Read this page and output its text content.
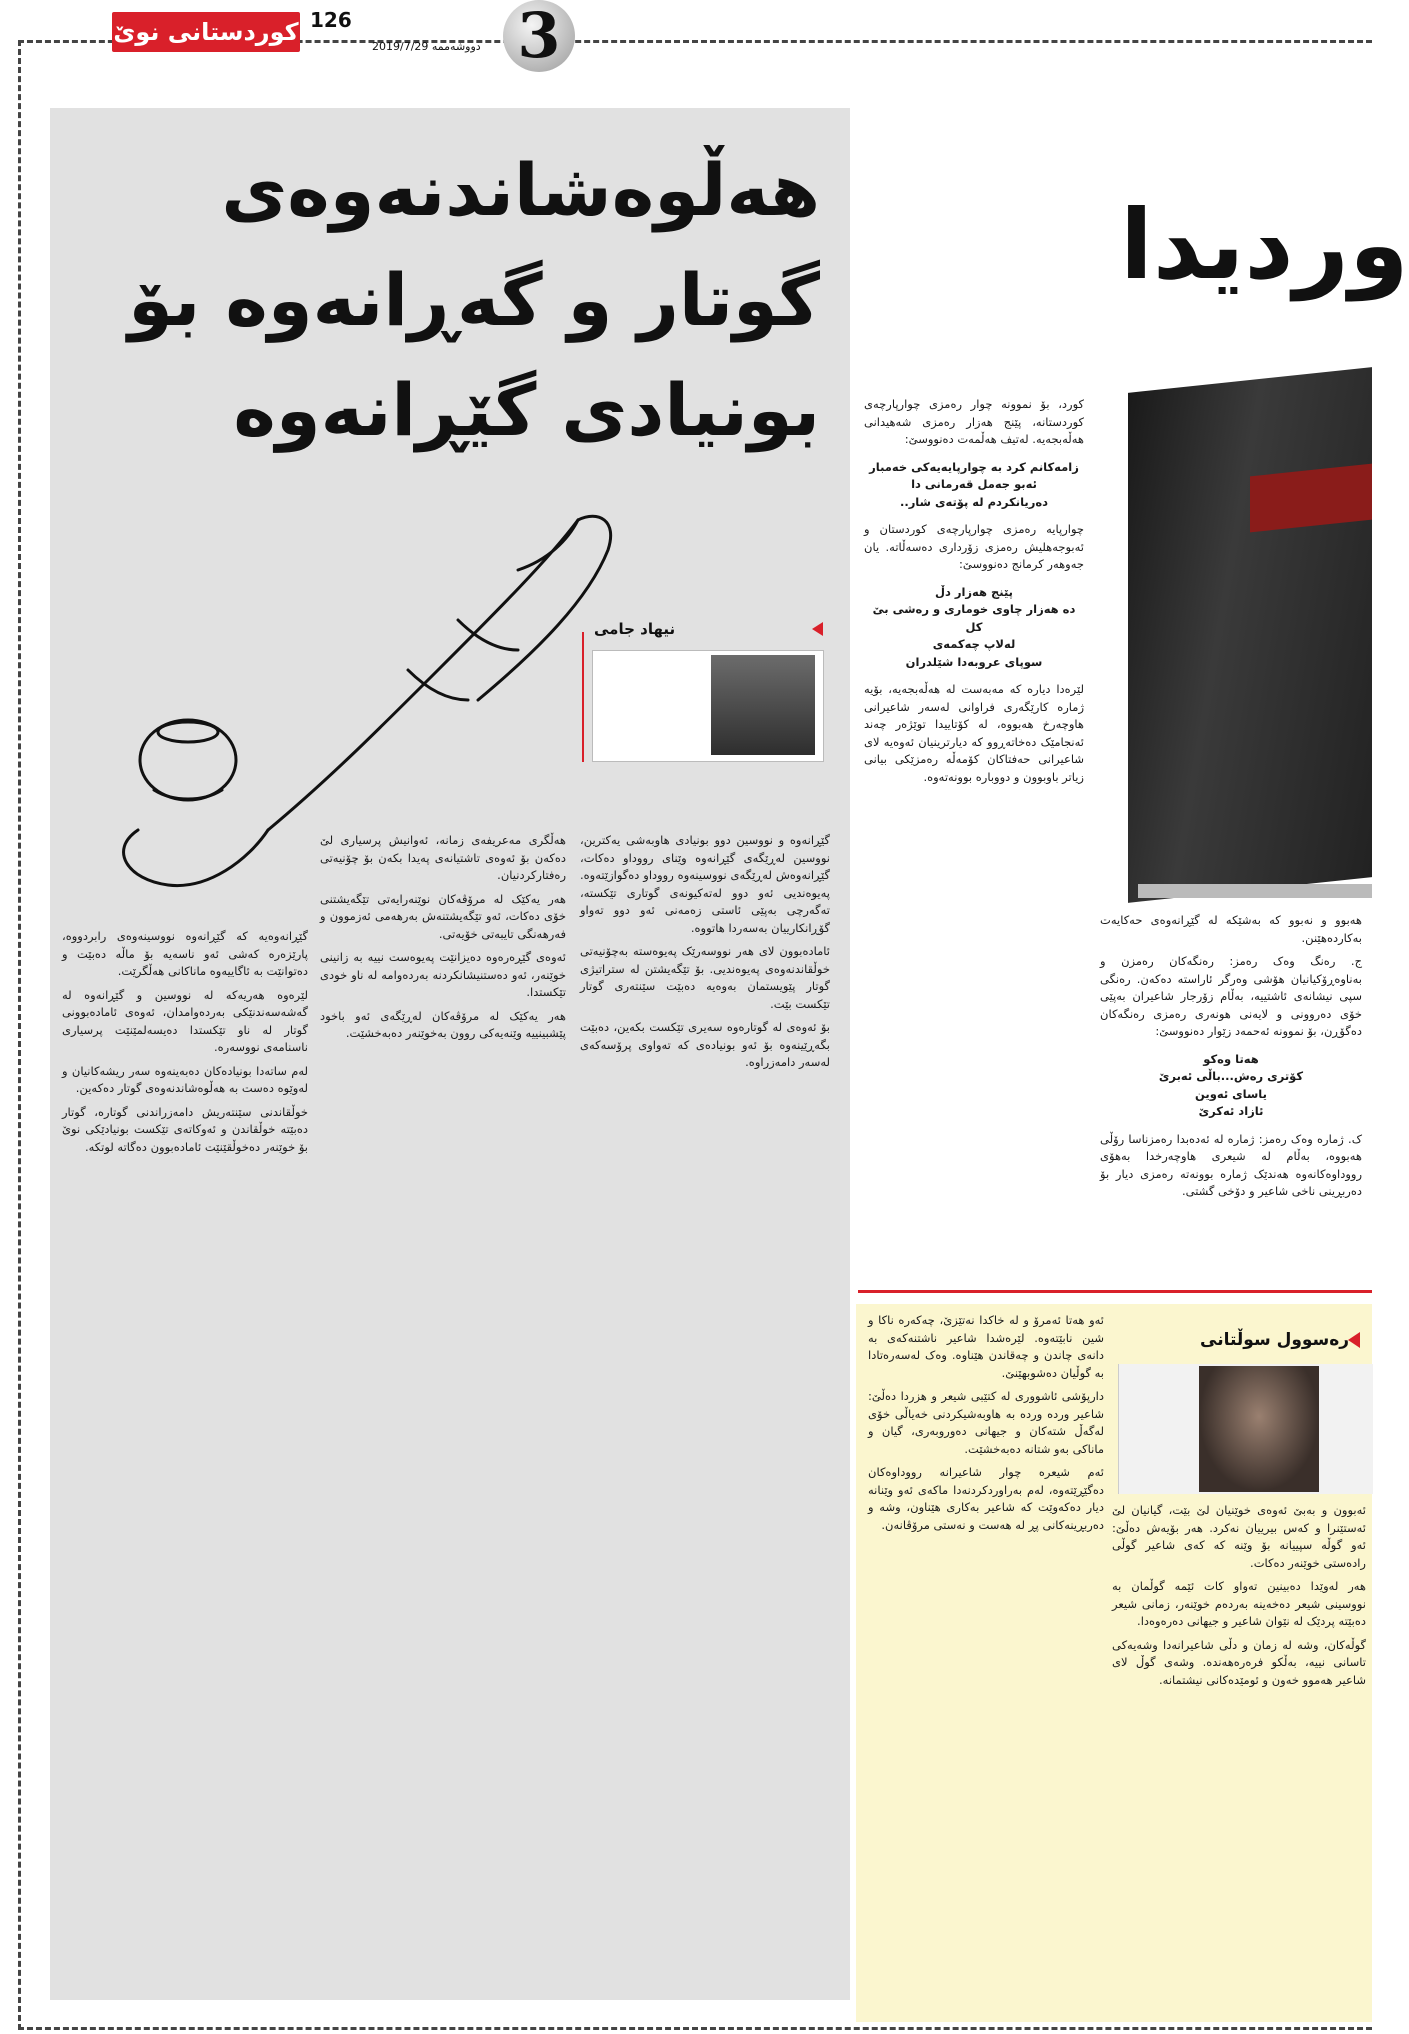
کوردستانی نوێ 126
دووشەممە 2019/7/29 3
هەڵوەشاندنەوەی
گوتار و گەڕانەوە بۆ
بونیادی گێڕانەوە
نیهاد جامی

گێڕانەوە و نووسین دوو بونیادی هاوبەشی یەکترین، نووسین لەڕێگەی گێڕانەوە وێنای رووداو دەکات، گێڕانەوەش لەڕێگەی نووسینەوە رووداو دەگوازێتەوە. پەیوەندیی ئەو دوو لەتەکیونەی گوتاری تێکستە، تەگەرچی بەپێی ئاستی زەمەنی ئەو دوو تەواو گۆڕانکارییان بەسەردا هاتووە.

ئامادەبوون لای هەر نووسەرێک پەیوەستە بەچۆنیەتی خوڵقاندنەوەی پەیوەندیی. بۆ تێگەیشتن لە ستراتیژی گوتار پێویستمان بەوەیە دەبێت سێنتەری گوتار تێکست بێت.

بۆ ئەوەی لە گوتارەوە سەیری تێکست بکەین، دەبێت بگەڕێینەوە بۆ ئەو بونیادەی کە تەواوی پرۆسەکەی لەسەر دامەزراوە.

هەڵگری مەعریفەی زمانە، ئەوانیش پرسیاری لێ دەکەن بۆ ئەوەی تاشتیانەی پەیدا بکەن بۆ چۆنیەتی رەفتارکردنیان.

هەر یەکێک لە مرۆڤەکان نوێنەرایەتی تێگەیشتنی خۆی دەکات، ئەو تێگەیشتنەش بەرهەمی ئەزموون و فەرهەنگی تایبەتی خۆیەتی.

ئەوەی گێڕەرەوە دەیزانێت پەیوەست نییە بە زانینی خوێنەر، ئەو دەستنیشانکردنە بەردەوامە لە ناو خودی تێکستدا.

هەر یەکێک لە مرۆڤەکان لەڕێگەی ئەو باخود پێشبینییە وێنەیەکی روون بەخوێنەر دەبەخشێت.

گێڕانەوەیە کە گێڕانەوە نووسینەوەی رابردووە، پارێزەرە کەشی ئەو ناسەیە بۆ ماڵە دەبێت و دەتوانێت بە ئاگاییەوە ماناکانی هەڵگرێت.

لێرەوە هەریەکە لە نووسین و گێڕانەوە لە گەشەسەندنێکی بەردەوامدان، ئەوەی ئامادەبوونی گوتار لە ناو تێکستدا دەیسەلمێنێت پرسیاری ناسنامەی نووسەرە.

لەم ساتەدا بونیادەکان دەبەینەوە سەر ریشەکانیان و لەوێوە دەست بە هەڵوەشاندنەوەی گوتار دەکەین.

خوڵقاندنی سێنتەریش دامەزراندنی گوتارە، گوتار دەبێتە خوڵقاندن و ئەوکاتەی تێکست بونیادێکی نوێ بۆ خوێنەر دەخوڵقێنێت ئامادەبوون دەگاتە لوتکە.

وردیدا

کورد، بۆ نموونە چوار رەمزی چوارپارچەی کوردستانە، پێنج هەزار رەمزی شەهیدانی هەڵەبجەیە. لەتیف هەڵمەت دەنووسێ:

زامەکانم کرد بە چوارپایەیەکی خەمبار
ئەبو جەمل قەرمانی دا
دەریانکردم لە پۆتەی شار..

چوارپایە رەمزی چوارپارچەی کوردستان و ئەبوجەهلیش رەمزی زۆرداری دەسەڵاتە. یان جەوهەر کرمانج دەنووسێ:

پێنج هەزار دڵ
دە هەزار چاوی خوماری و رەشی بێ کل
لەلاپ چەکمەی
سوپای عروبەدا شێلدران

لێرەدا دیارە کە مەبەست لە هەڵەبجەیە، بۆیە ژمارە کارێگەری فراوانی لەسەر شاعیرانی هاوچەرخ هەبووە، لە کۆتاییدا توێژەر چەند ئەنجامێک دەخاتەڕوو کە دیارترینیان ئەوەیە لای شاعیرانی حەفتاکان کۆمەڵە رەمزێکی بیانی زیاتر باوبوون و دووبارە بوونەتەوە.

هەبوو و نەبوو کە بەشێکە لە گێڕانەوەی حەکایەت بەکاردەهێنن.

ج. رەنگ وەک رەمز: رەنگەکان رەمزن و بەناوەڕۆکیانیان هۆشی وەرگر ئاراستە دەکەن. رەنگی سپی نیشانەی ئاشتییە، بەڵام زۆرجار شاعیران بەپێی خۆی دەروونی و لایەنی هونەری رەمزی رەنگەکان دەگۆڕن، بۆ نموونە ئەحمەد زێوار دەنووسێ:

هەتا وەکو
کۆتری رەش...باڵی ئەبرێ
یاسای ئەوین
ئازاد ئەکرێ

ک. ژمارە وەک رەمز: ژمارە لە ئەدەبدا رەمزناسا رۆڵی هەبووە، بەڵام لە شیعری هاوچەرخدا بەهۆی رووداوەکانەوە هەندێک ژمارە بوونەتە رەمزی دیار بۆ دەربڕینی ناخی شاعیر و دۆخی گشتی.

رەسوول سوڵتانی

ئەو هەتا ئەمرۆ و لە خاکدا نەتێزێ، چەکەرە ناکا و شین نابێتەوە. لێرەشدا شاعیر ناشتنەکەی بە دانەی چاندن و چەقاندن هێناوە. وەک لەسەرەتادا بە گوڵیان دەشوبهێنێ.

دارپۆشی ئاشووری لە کتێبی شیعر و هزردا دەڵێ: شاعیر وردە وردە بە هاوبەشیکردنی خەیاڵی خۆی لەگەڵ شتەکان و جیهانی دەوروبەری، گیان و ماناکی بەو شتانە دەبەخشێت.

ئەم شیعرە چوار شاعیرانە رووداوەکان دەگێڕێتەوە، لەم بەراوردکردنەدا ماکەی ئەو وێنانە دیار دەکەوێت کە شاعیر بەکاری هێناون، وشە و دەربڕینەکانی پڕ لە هەست و نەستی مرۆڤانەن.

ئەبوون و بەبێ ئەوەی خوێنیان لێ بێت، گیانیان لێ ئەستێنرا و کەس بیرییان نەکرد. هەر بۆیەش دەڵێ: ئەو گوڵە سپییانە بۆ وێنە کە کەی شاعیر گوڵی رادەستی خوێنەر دەکات.

هەر لەوێدا دەبینین تەواو کات ئێمە گوڵمان بە نووسینی شیعر دەخەینە بەردەم خوێنەر، زمانی شیعر دەبێتە پردێک لە نێوان شاعیر و جیهانی دەرەوەدا.

گوڵەکان، وشە لە زمان و دڵی شاعیرانەدا وشەیەکی تاسانی نییە، بەڵکو فرەرەهەندە. وشەی گوڵ لای شاعیر هەموو خەون و ئومێدەکانی نیشتمانە.
